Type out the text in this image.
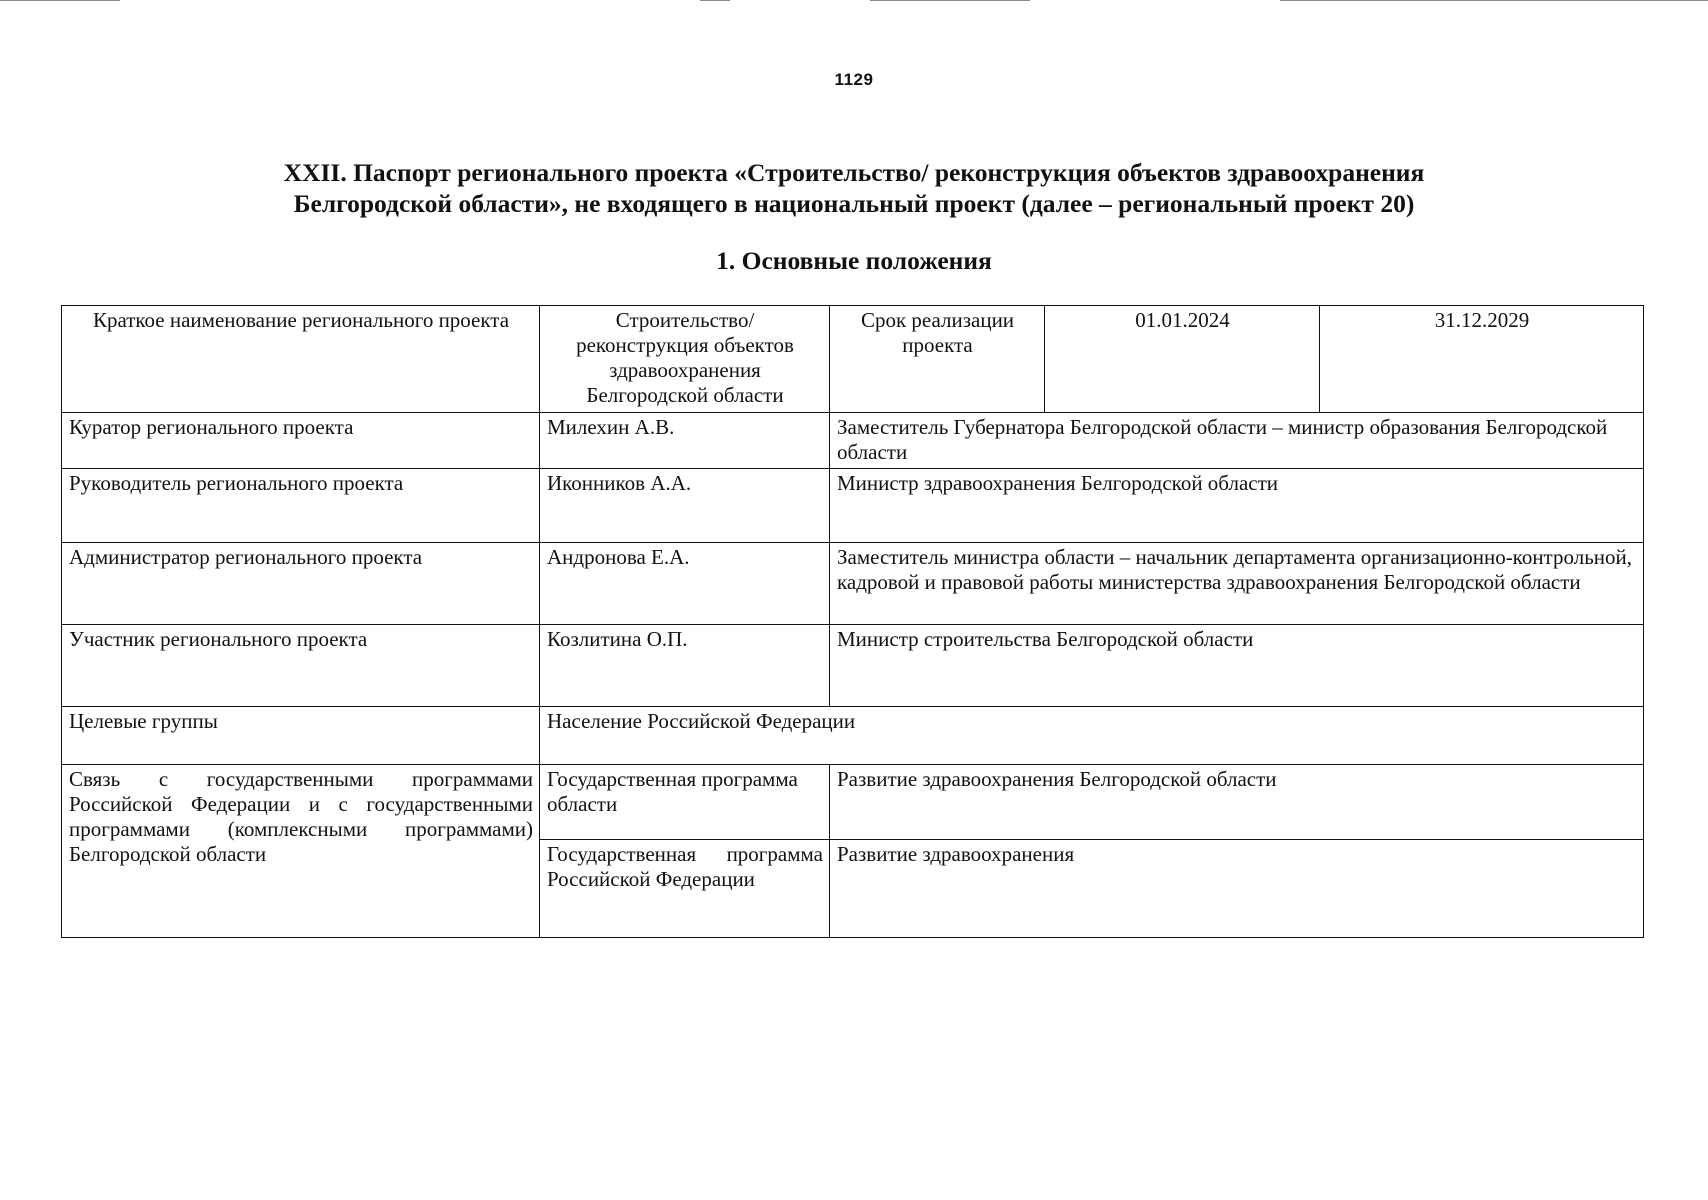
1129
XXII. Паспорт регионального проекта «Строительство/ реконструкция объектов здравоохранения
Белгородской области», не входящего в национальный проект (далее – региональный проект 20)
1. Основные положения
Краткое наименование регионального проекта	Строительство/ реконструкция объектов здравоохранения Белгородской области	Срок реализации проекта	01.01.2024	31.12.2029
Куратор регионального проекта	Милехин А.В.	Заместитель Губернатора Белгородской области – министр образования Белгородской области		
Руководитель регионального проекта	Иконников А.А.	Министр здравоохранения Белгородской области		
Администратор регионального проекта	Андронова Е.А.	Заместитель министра области – начальник департамента организационно-контрольной, кадровой и правовой работы министерства здравоохранения Белгородской области		
Участник регионального проекта	Козлитина О.П.	Министр строительства Белгородской области		
Целевые группы	Население Российской Федерации			
Связь с государственными программами Российской Федерации и с государственными программами (комплексными программами) Белгородской области	Государственная программа области	Развитие здравоохранения Белгородской области		
	Государственная программа Российской Федерации	Развитие здравоохранения		
